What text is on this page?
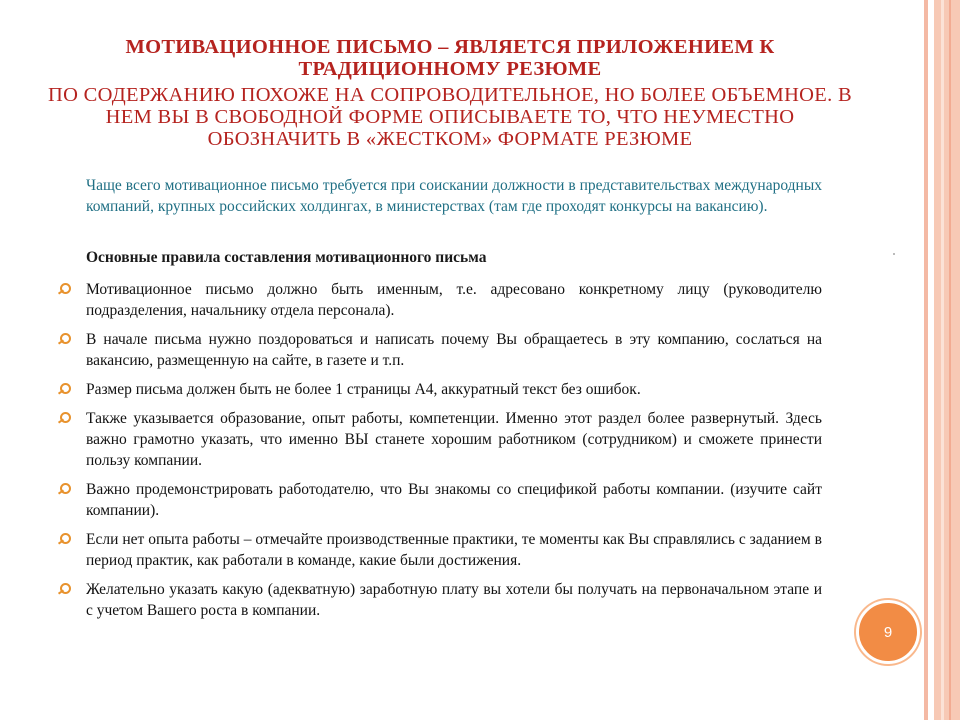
МОТИВАЦИОННОЕ ПИСЬМО – ЯВЛЯЕТСЯ ПРИЛОЖЕНИЕМ К
ТРАДИЦИОННОМУ РЕЗЮМЕ
ПО СОДЕРЖАНИЮ ПОХОЖЕ НА СОПРОВОДИТЕЛЬНОЕ, НО БОЛЕЕ ОБЪЕМНОЕ. В НЕМ ВЫ В СВОБОДНОЙ ФОРМЕ ОПИСЫВАЕТЕ ТО, ЧТО НЕУМЕСТНО ОБОЗНАЧИТЬ В «ЖЕСТКОМ» ФОРМАТЕ РЕЗЮМЕ
Чаще всего мотивационное письмо требуется при соискании должности в представительствах международных компаний, крупных российских холдингах, в министерствах (там где проходят конкурсы на вакансию).
Основные правила составления мотивационного письма
Мотивационное письмо должно быть именным, т.е. адресовано конкретному лицу (руководителю подразделения, начальнику отдела персонала).
В начале письма нужно поздороваться и написать почему Вы обращаетесь в эту компанию, сослаться на вакансию, размещенную на сайте, в газете и т.п.
Размер письма должен быть не более 1 страницы А4, аккуратный текст без ошибок.
Также указывается образование, опыт работы, компетенции. Именно этот раздел более развернутый. Здесь важно грамотно указать, что именно ВЫ станете хорошим работником (сотрудником) и сможете принести пользу компании.
Важно продемонстрировать работодателю, что Вы знакомы со спецификой работы компании. (изучите сайт компании).
Если нет опыта работы – отмечайте производственные практики, те моменты как Вы справлялись с заданием в период практик, как работали в команде, какие были достижения.
Желательно указать какую (адекватную) заработную плату вы хотели бы получать на первоначальном этапе и с учетом Вашего роста в компании.
9
